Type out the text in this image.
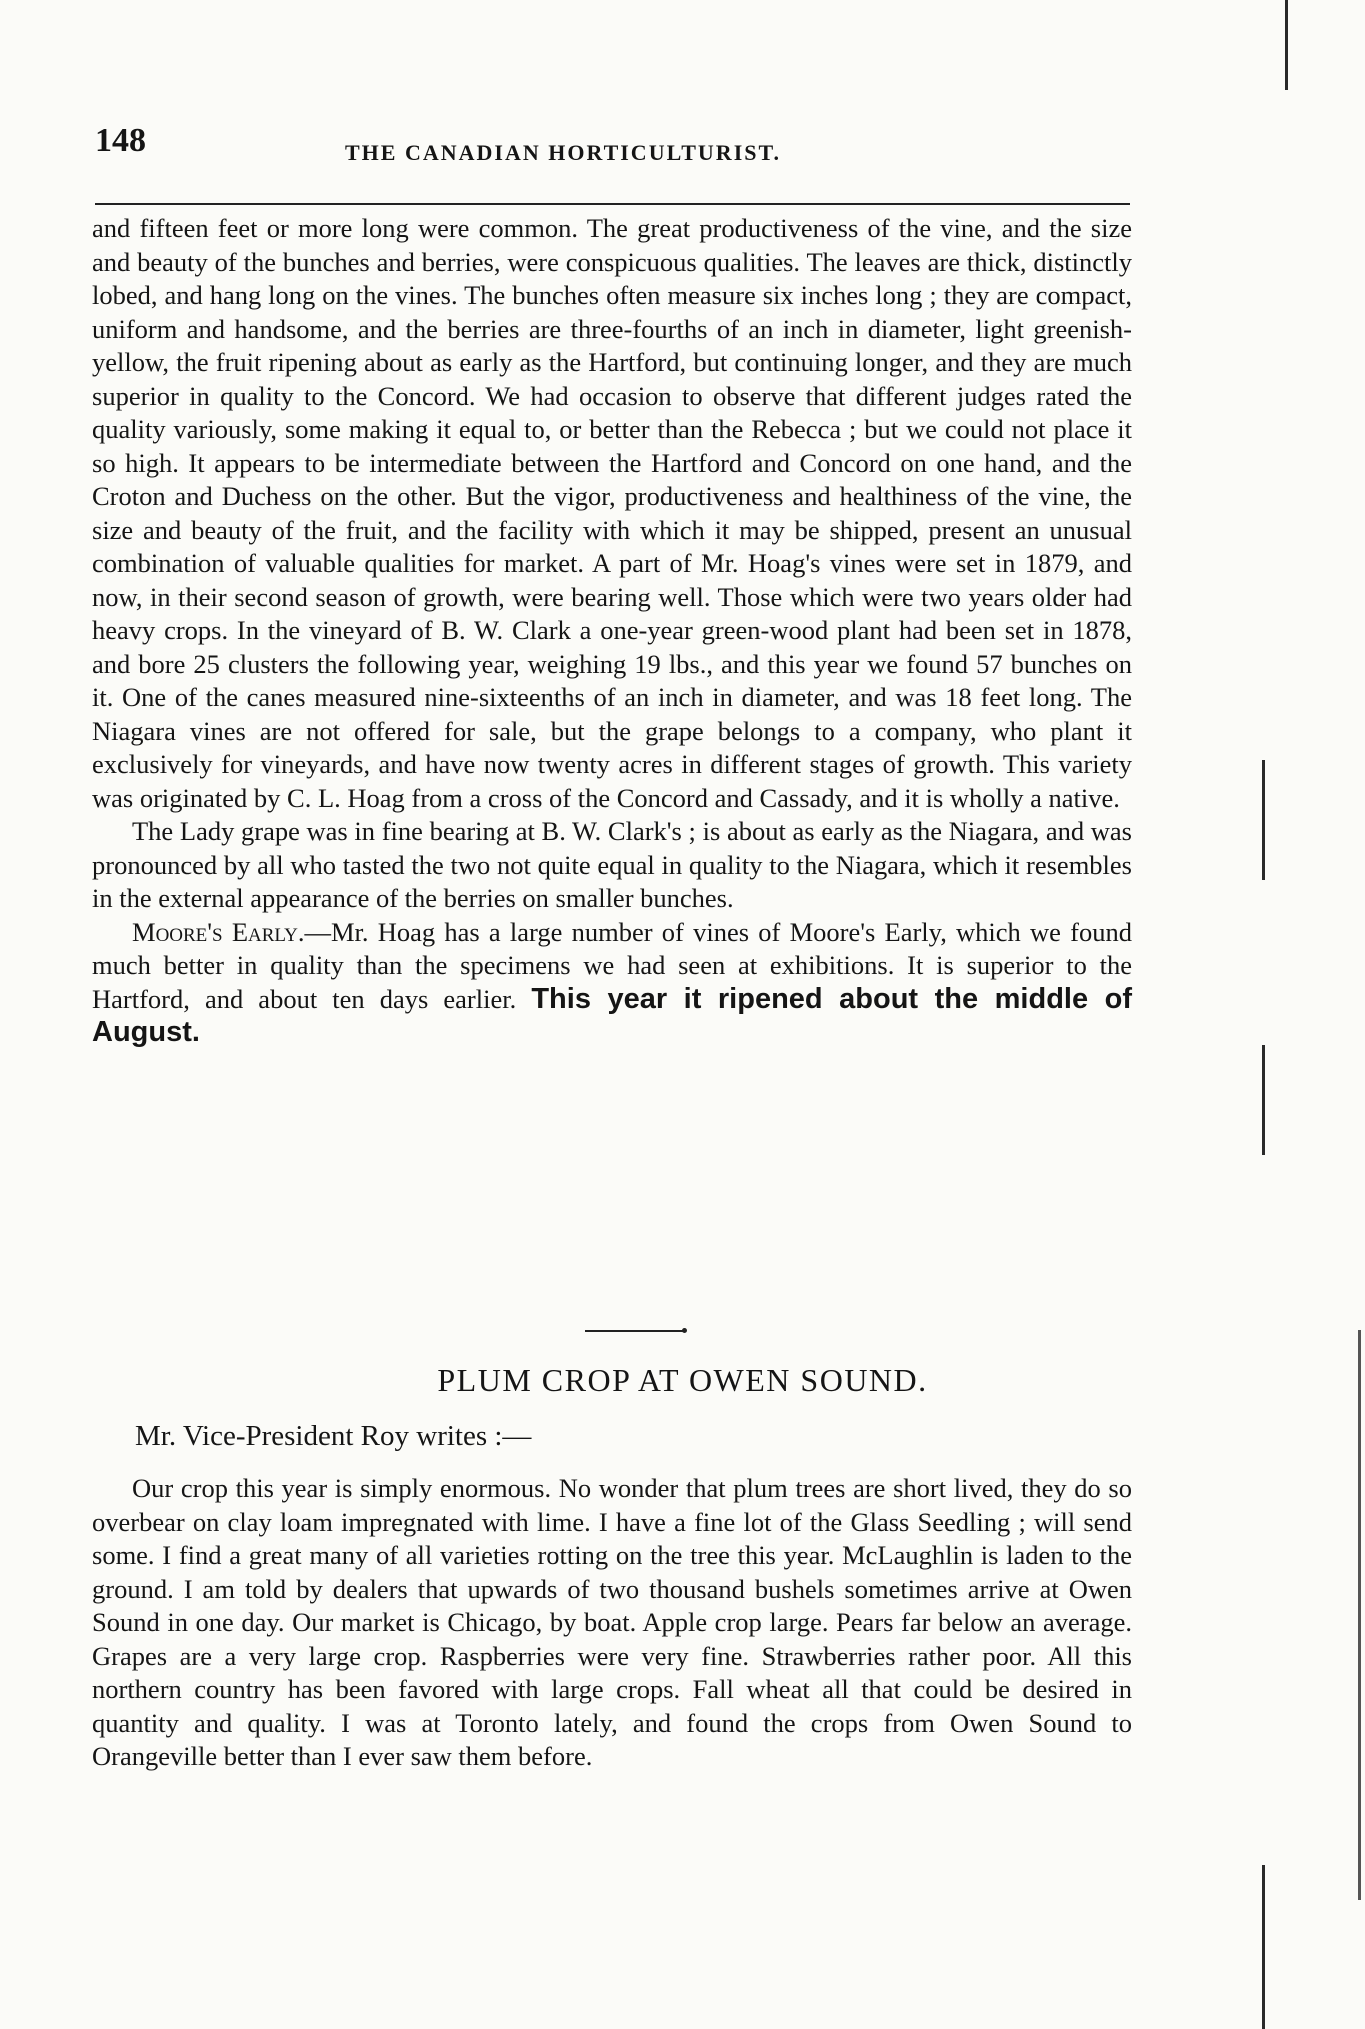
148	THE CANADIAN HORTICULTURIST.

and fifteen feet or more long were common. The great productiveness of the vine, and the size and beauty of the bunches and berries, were conspicuous qualities. The leaves are thick, distinctly lobed, and hang long on the vines. The bunches often measure six inches long ; they are compact, uniform and handsome, and the berries are three-fourths of an inch in diameter, light greenish-yellow, the fruit ripening about as early as the Hartford, but continuing longer, and they are much superior in quality to the Concord. We had occasion to observe that different judges rated the quality variously, some making it equal to, or better than the Rebecca ; but we could not place it so high. It appears to be intermediate between the Hartford and Concord on one hand, and the Croton and Duchess on the other. But the vigor, productiveness and healthiness of the vine, the size and beauty of the fruit, and the facility with which it may be shipped, present an unusual combination of valuable qualities for market. A part of Mr. Hoag's vines were set in 1879, and now, in their second season of growth, were bearing well. Those which were two years older had heavy crops. In the vineyard of B. W. Clark a one-year green-wood plant had been set in 1878, and bore 25 clusters the following year, weighing 19 lbs., and this year we found 57 bunches on it. One of the canes measured nine-sixteenths of an inch in diameter, and was 18 feet long. The Niagara vines are not offered for sale, but the grape belongs to a company, who plant it exclusively for vineyards, and have now twenty acres in different stages of growth. This variety was originated by C. L. Hoag from a cross of the Concord and Cassady, and it is wholly a native.

The Lady grape was in fine bearing at B. W. Clark's ; is about as early as the Niagara, and was pronounced by all who tasted the two not quite equal in quality to the Niagara, which it resembles in the external appearance of the berries on smaller bunches.

Moore's Early.—Mr. Hoag has a large number of vines of Moore's Early, which we found much better in quality than the specimens we had seen at exhibitions. It is superior to the Hartford, and about ten days earlier. This year it ripened about the middle of August.

PLUM CROP AT OWEN SOUND.
Mr. Vice-President Roy writes :—

Our crop this year is simply enormous. No wonder that plum trees are short lived, they do so overbear on clay loam impregnated with lime. I have a fine lot of the Glass Seedling ; will send some. I find a great many of all varieties rotting on the tree this year. McLaughlin is laden to the ground. I am told by dealers that upwards of two thousand bushels sometimes arrive at Owen Sound in one day. Our market is Chicago, by boat. Apple crop large. Pears far below an average. Grapes are a very large crop. Raspberries were very fine. Strawberries rather poor. All this northern country has been favored with large crops. Fall wheat all that could be desired in quantity and quality. I was at Toronto lately, and found the crops from Owen Sound to Orangeville better than I ever saw them before.
